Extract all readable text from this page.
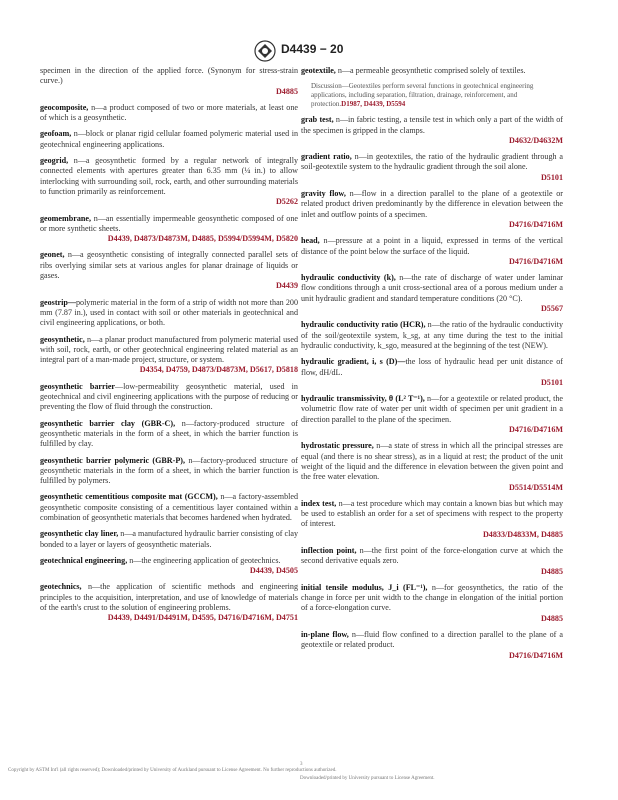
D4439 − 20
specimen in the direction of the applied force. (Synonym for stress-strain curve.)
D4885
geocomposite, n—a product composed of two or more materials, at least one of which is a geosynthetic.
geofoam, n—block or planar rigid cellular foamed polymeric material used in geotechnical engineering applications.
geogrid, n—a geosynthetic formed by a regular network of integrally connected elements with apertures greater than 6.35 mm (¼ in.) to allow interlocking with surrounding soil, rock, earth, and other surrounding materials to function primarily as reinforcement.
D5262
geomembrane, n—an essentially impermeable geosynthetic composed of one or more synthetic sheets.
D4439, D4873/D4873M, D4885, D5994/D5994M, D5820
geonet, n—a geosynthetic consisting of integrally connected parallel sets of ribs overlying similar sets at various angles for planar drainage of liquids or gases.
D4439
geostrip—polymeric material in the form of a strip of width not more than 200 mm (7.87 in.), used in contact with soil or other materials in geotechnical and civil engineering applications, or both.
geosynthetic, n—a planar product manufactured from polymeric material used with soil, rock, earth, or other geotechnical engineering related material as an integral part of a man-made project, structure, or system.
D4354, D4759, D4873/D4873M, D5617, D5818
geosynthetic barrier—low-permeability geosynthetic material, used in geotechnical and civil engineering applications with the purpose of reducing or preventing the flow of fluid through the construction.
geosynthetic barrier clay (GBR-C), n—factory-produced structure of geosynthetic materials in the form of a sheet, in which the barrier function is fulfilled by clay.
geosynthetic barrier polymeric (GBR-P), n—factory-produced structure of geosynthetic materials in the form of a sheet, in which the barrier function is fulfilled by polymers.
geosynthetic cementitious composite mat (GCCM), n—a factory-assembled geosynthetic composite consisting of a cementitious layer contained within a combination of geosynthetic materials that becomes hardened when hydrated.
geosynthetic clay liner, n—a manufactured hydraulic barrier consisting of clay bonded to a layer or layers of geosynthetic materials.
geotechnical engineering, n—the engineering application of geotechnics.
D4439, D4505
geotechnics, n—the application of scientific methods and engineering principles to the acquisition, interpretation, and use of knowledge of materials of the earth's crust to the solution of engineering problems.
D4439, D4491/D4491M, D4595, D4716/D4716M, D4751
geotextile, n—a permeable geosynthetic comprised solely of textiles.
Discussion—Geotextiles perform several functions in geotechnical engineering applications, including separation, filtration, drainage, reinforcement, and protection.D1987, D4439, D5594
grab test, n—in fabric testing, a tensile test in which only a part of the width of the specimen is gripped in the clamps.
D4632/D4632M
gradient ratio, n—in geotextiles, the ratio of the hydraulic gradient through a soil-geotextile system to the hydraulic gradient through the soil alone.
D5101
gravity flow, n—flow in a direction parallel to the plane of a geotextile or related product driven predominantly by the difference in elevation between the inlet and outflow points of a specimen.
D4716/D4716M
head, n—pressure at a point in a liquid, expressed in terms of the vertical distance of the point below the surface of the liquid.
D4716/D4716M
hydraulic conductivity (k), n—the rate of discharge of water under laminar flow conditions through a unit cross-sectional area of a porous medium under a unit hydraulic gradient and standard temperature conditions (20 °C).
D5567
hydraulic conductivity ratio (HCR), n—the ratio of the hydraulic conductivity of the soil/geotextile system, k_sg, at any time during the test to the initial hydraulic conductivity, k_sgo, measured at the beginning of the test (NEW).
hydraulic gradient, i, s (D)—the loss of hydraulic head per unit distance of flow, dH/dL.
D5101
hydraulic transmissivity, θ (L² T⁻¹), n—for a geotextile or related product, the volumetric flow rate of water per unit width of specimen per unit gradient in a direction parallel to the plane of the specimen.
D4716/D4716M
hydrostatic pressure, n—a state of stress in which all the principal stresses are equal (and there is no shear stress), as in a liquid at rest; the product of the unit weight of the liquid and the difference in elevation between the given point and the free water elevation.
D5514/D5514M
index test, n—a test procedure which may contain a known bias but which may be used to establish an order for a set of specimens with respect to the property of interest.
D4833/D4833M, D4885
inflection point, n—the first point of the force-elongation curve at which the second derivative equals zero.
D4885
initial tensile modulus, J_i (FL⁻¹), n—for geosynthetics, the ratio of the change in force per unit width to the change in elongation of the initial portion of a force-elongation curve.
D4885
in-plane flow, n—fluid flow confined to a direction parallel to the plane of a geotextile or related product.
D4716/D4716M
Copyright by ASTM Int'l (all rights reserved); Downloaded/printed by University of Auckland pursuant to License Agreement. No further reproductions authorized.
3
Downloaded/printed by University pursuant to License Agreement.
